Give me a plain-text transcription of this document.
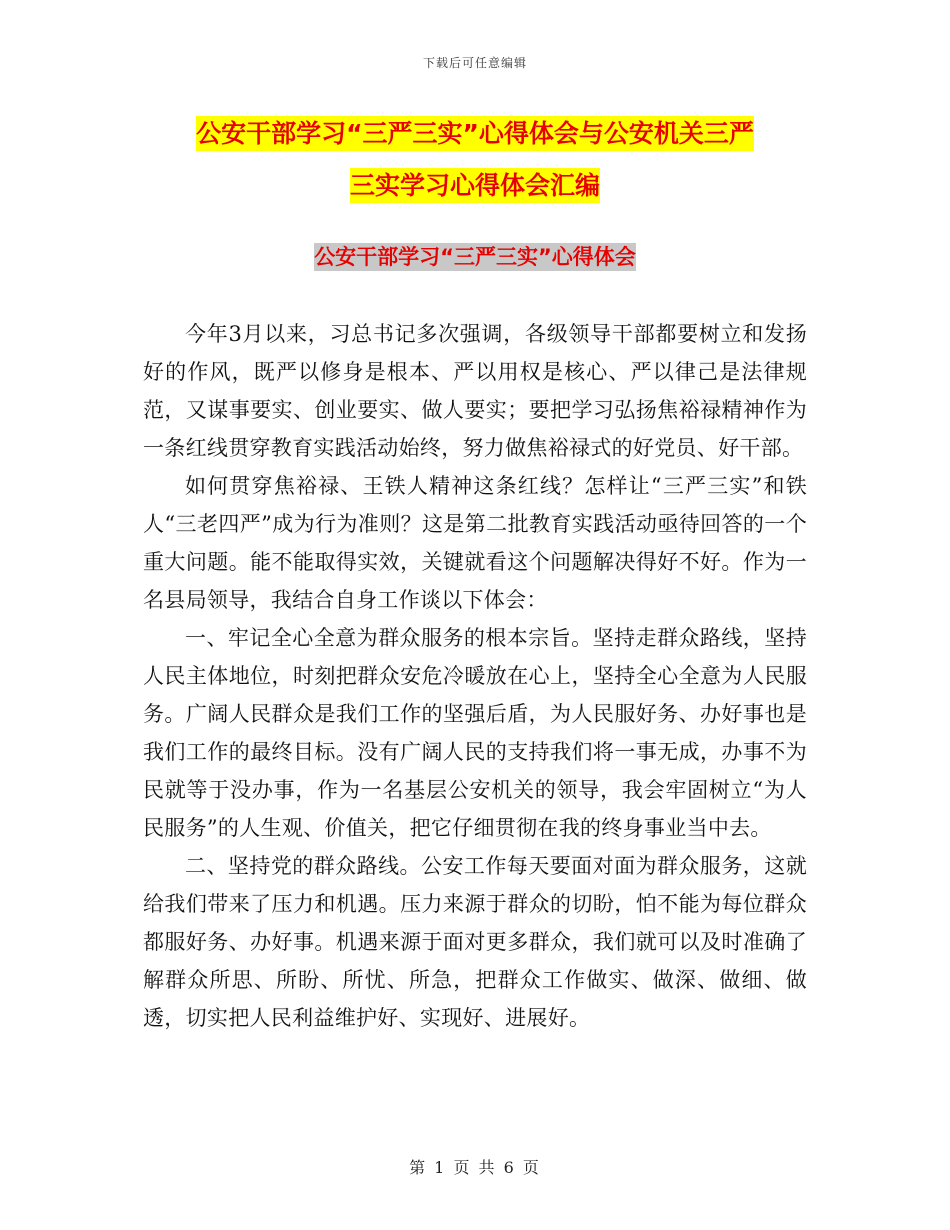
下载后可任意编辑
公安干部学习“三严三实”心得体会与公安机关三严
三实学习心得体会汇编
公安干部学习“三严三实”心得体会

今年3月以来，习总书记多次强调，各级领导干部都要树立和发扬好的作风，既严以修身是根本、严以用权是核心、严以律己是法律规范，又谋事要实、创业要实、做人要实；要把学习弘扬焦裕禄精神作为一条红线贯穿教育实践活动始终，努力做焦裕禄式的好党员、好干部。

如何贯穿焦裕禄、王铁人精神这条红线？怎样让“三严三实”和铁人“三老四严”成为行为准则？这是第二批教育实践活动亟待回答的一个重大问题。能不能取得实效，关键就看这个问题解决得好不好。作为一名县局领导，我结合自身工作谈以下体会：

一、牢记全心全意为群众服务的根本宗旨。坚持走群众路线，坚持人民主体地位，时刻把群众安危冷暖放在心上，坚持全心全意为人民服务。广阔人民群众是我们工作的坚强后盾，为人民服好务、办好事也是我们工作的最终目标。没有广阔人民的支持我们将一事无成，办事不为民就等于没办事，作为一名基层公安机关的领导，我会牢固树立“为人民服务”的人生观、价值关，把它仔细贯彻在我的终身事业当中去。

二、坚持党的群众路线。公安工作每天要面对面为群众服务，这就给我们带来了压力和机遇。压力来源于群众的切盼，怕不能为每位群众都服好务、办好事。机遇来源于面对更多群众，我们就可以及时准确了解群众所思、所盼、所忧、所急，把群众工作做实、做深、做细、做透，切实把人民利益维护好、实现好、进展好。

第 1 页 共 6 页
